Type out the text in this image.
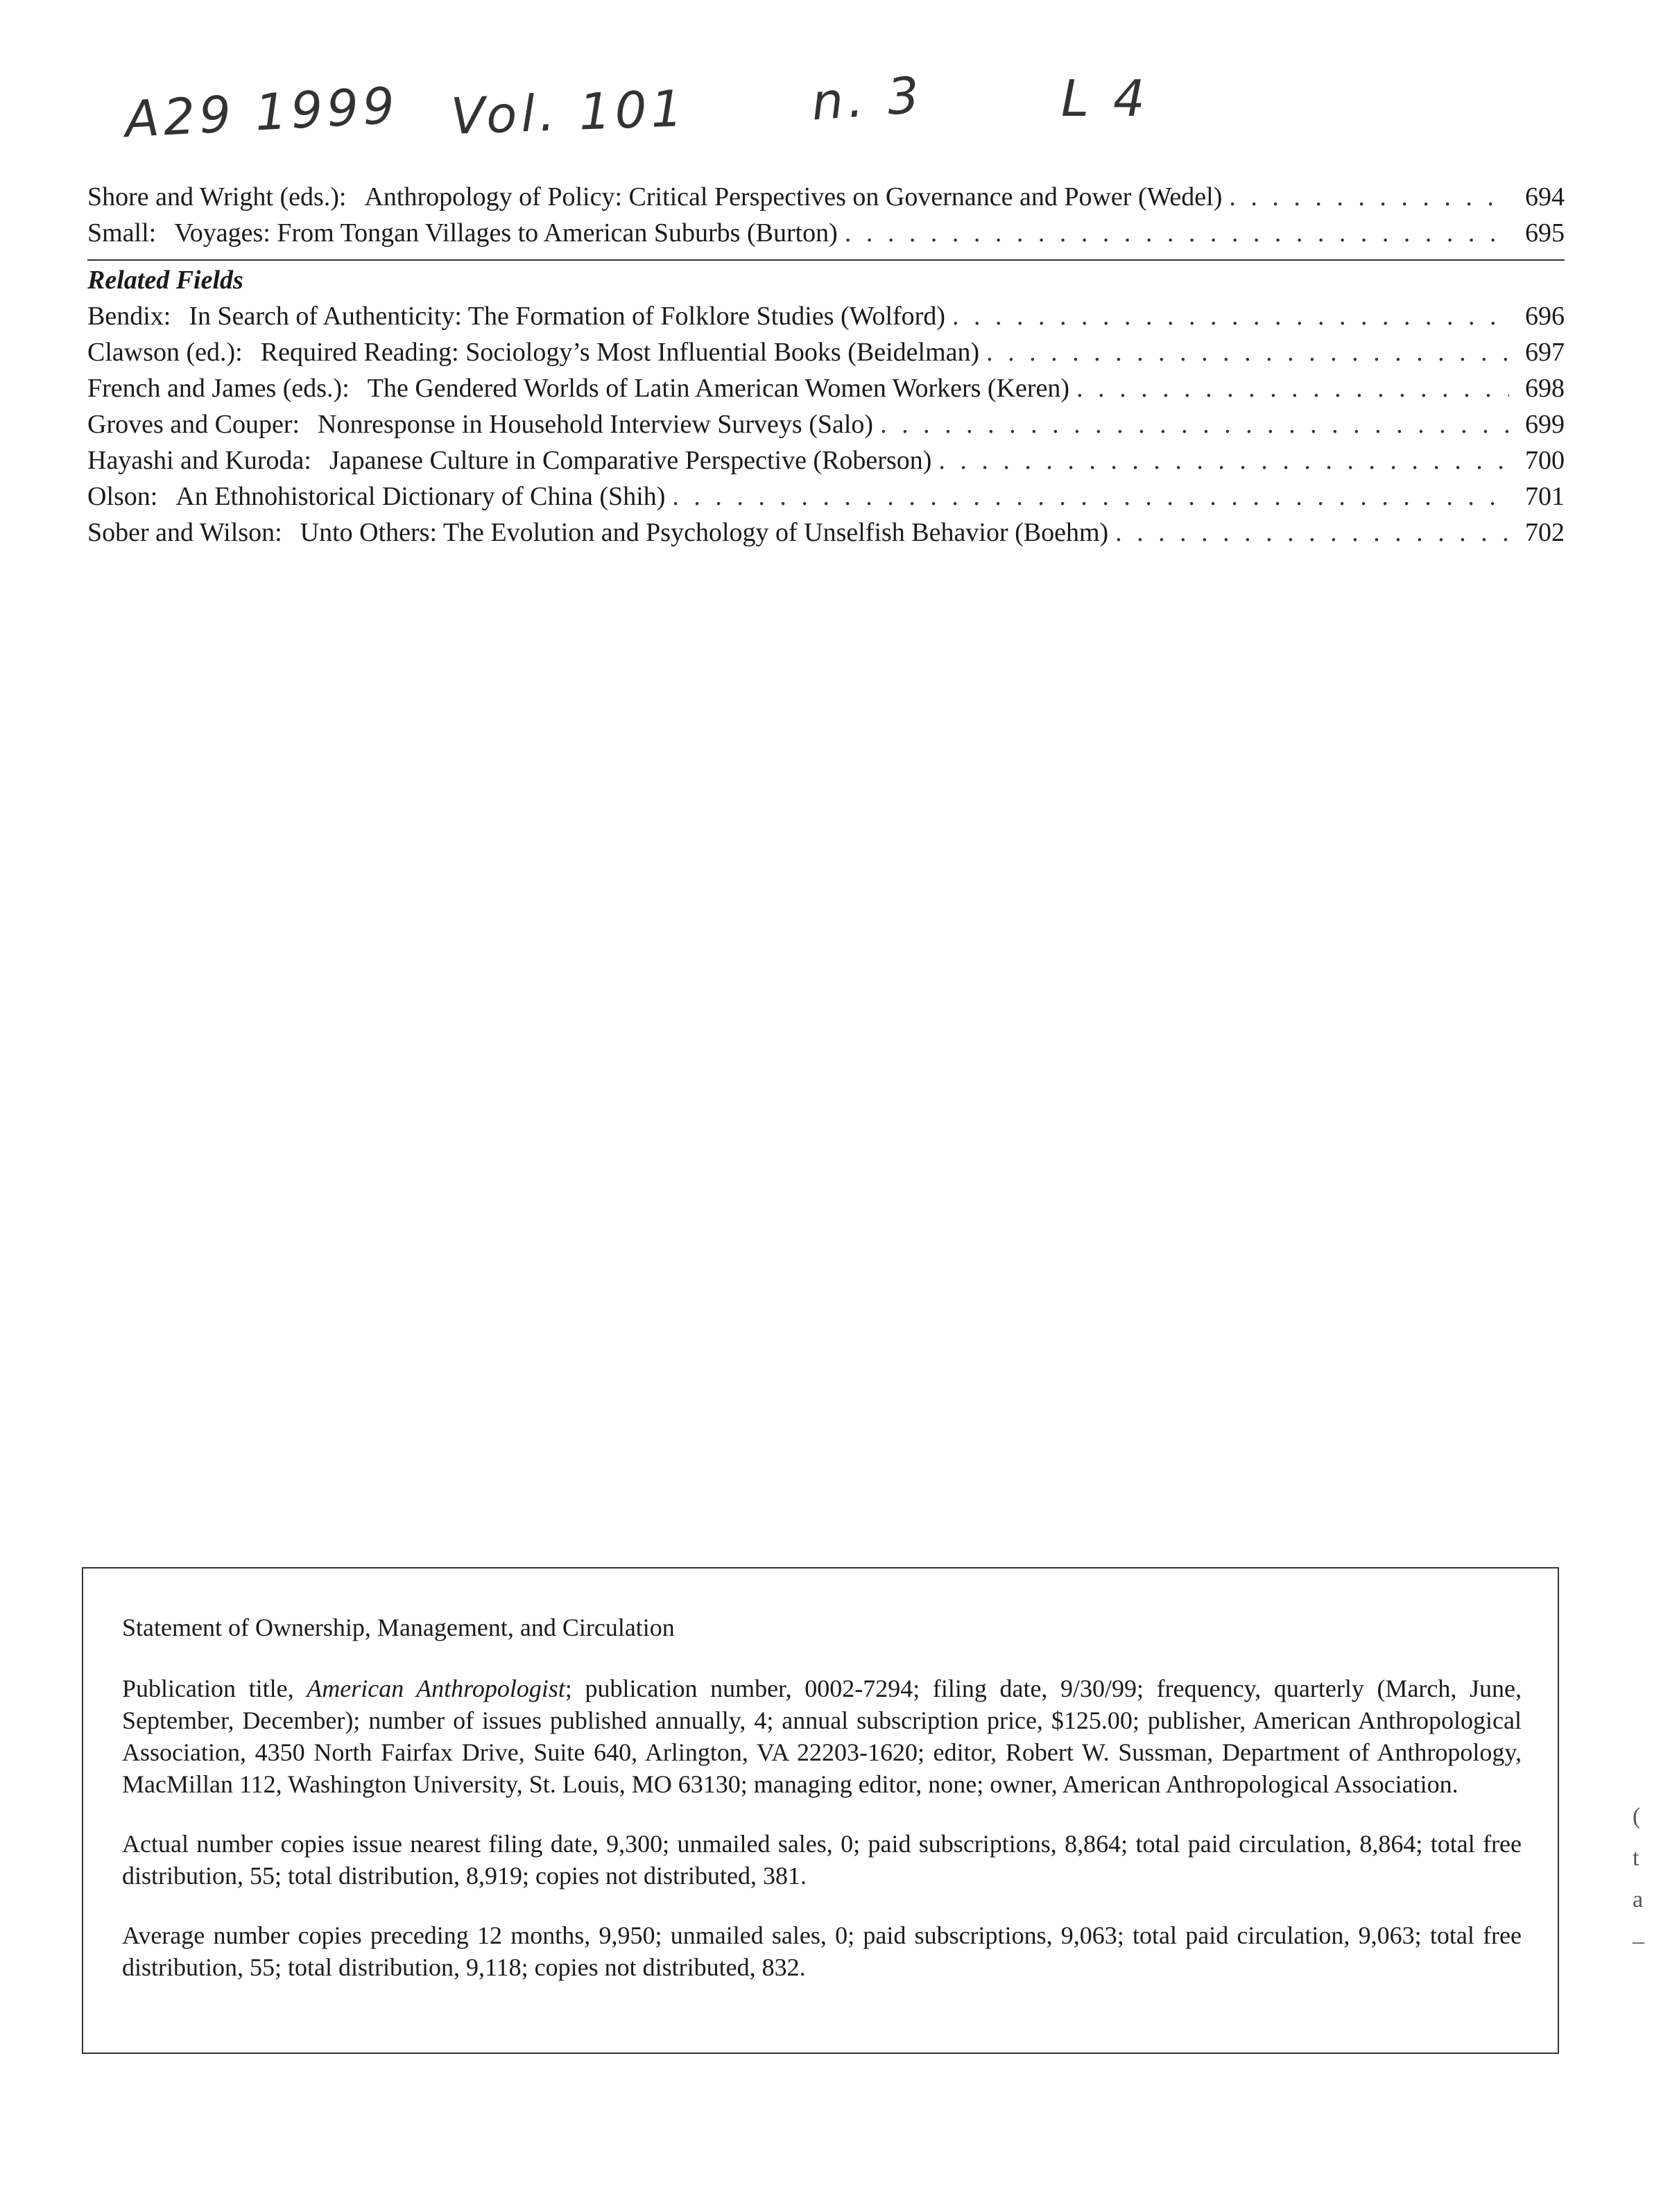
A29 1999 Vol. 101 n. 3	L 4
Shore and Wright (eds.): Anthropology of Policy: Critical Perspectives on Governance and Power (Wedel) . . .	694
Small: Voyages: From Tongan Villages to American Suburbs (Burton) . . .	695
Related Fields
Bendix: In Search of Authenticity: The Formation of Folklore Studies (Wolford) . . .	696
Clawson (ed.): Required Reading: Sociology’s Most Influential Books (Beidelman) . . .	697
French and James (eds.): The Gendered Worlds of Latin American Women Workers (Keren) . . .	698
Groves and Couper: Nonresponse in Household Interview Surveys (Salo) . . .	699
Hayashi and Kuroda: Japanese Culture in Comparative Perspective (Roberson) . . .	700
Olson: An Ethnohistorical Dictionary of China (Shih) . . .	701
Sober and Wilson: Unto Others: The Evolution and Psychology of Unselfish Behavior (Boehm) . . .	702

Statement of Ownership, Management, and Circulation

Publication title, American Anthropologist; publication number, 0002-7294; filing date, 9/30/99; frequency, quarterly (March, June, September, December); number of issues published annually, 4; annual subscription price, $125.00; publisher, American Anthropological Association, 4350 North Fairfax Drive, Suite 640, Arlington, VA 22203-1620; editor, Robert W. Sussman, Department of Anthropology, MacMillan 112, Washington University, St. Louis, MO 63130; managing editor, none; owner, American Anthropological Association.

Actual number copies issue nearest filing date, 9,300; unmailed sales, 0; paid subscriptions, 8,864; total paid circulation, 8,864; total free distribution, 55; total distribution, 8,919; copies not distributed, 381.

Average number copies preceding 12 months, 9,950; unmailed sales, 0; paid subscriptions, 9,063; total paid circulation, 9,063; total free distribution, 55; total distribution, 9,118; copies not distributed, 832.

(
t
a
–
